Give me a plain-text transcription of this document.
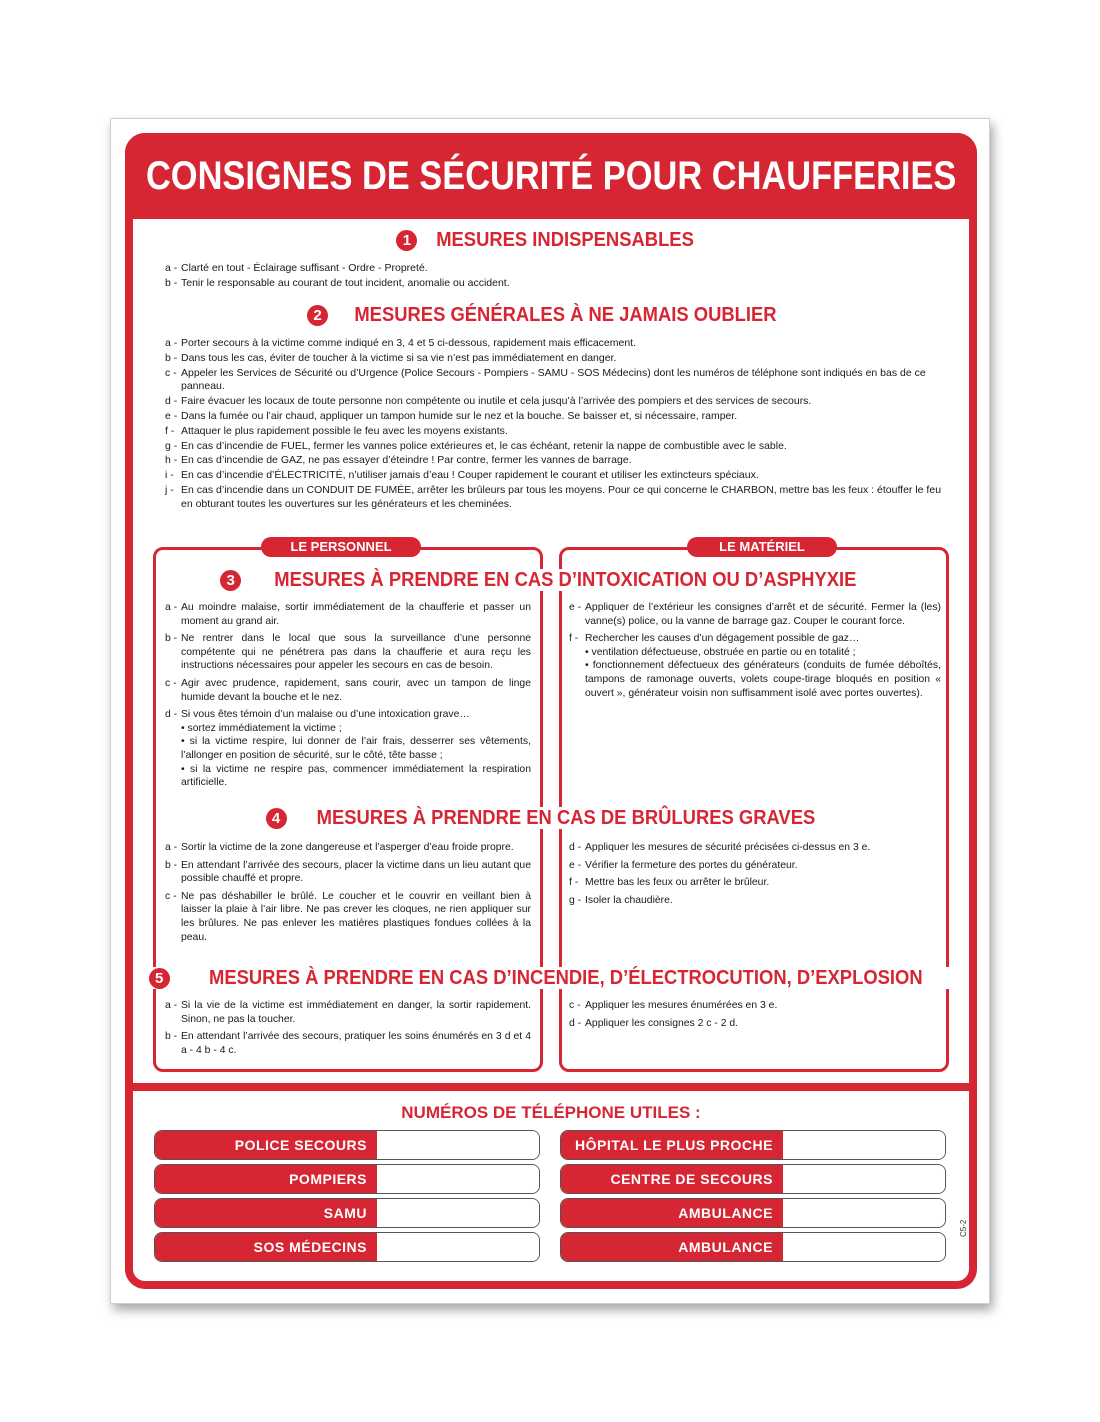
CONSIGNES DE SÉCURITÉ POUR CHAUFFERIES
1 MESURES INDISPENSABLES
a - Clarté en tout - Éclairage suffisant - Ordre - Propreté.
b - Tenir le responsable au courant de tout incident, anomalie ou accident.
2 MESURES GÉNÉRALES À NE JAMAIS OUBLIER
a - Porter secours à la victime comme indiqué en 3, 4 et 5 ci-dessous, rapidement mais efficacement.
b - Dans tous les cas, éviter de toucher à la victime si sa vie n’est pas immédiatement en danger.
c - Appeler les Services de Sécurité ou d’Urgence (Police Secours - Pompiers - SAMU - SOS Médecins) dont les numéros de téléphone sont indiqués en bas de ce panneau.
d - Faire évacuer les locaux de toute personne non compétente ou inutile et cela jusqu’à l’arrivée des pompiers et des services de secours.
e - Dans la fumée ou l’air chaud, appliquer un tampon humide sur le nez et la bouche. Se baisser et, si nécessaire, ramper.
f - Attaquer le plus rapidement possible le feu avec les moyens existants.
g - En cas d’incendie de FUEL, fermer les vannes police extérieures et, le cas échéant, retenir la nappe de combustible avec le sable.
h - En cas d’incendie de GAZ, ne pas essayer d’éteindre ! Par contre, fermer les vannes de barrage.
i - En cas d’incendie d’ÉLECTRICITÉ, n’utiliser jamais d’eau ! Couper rapidement le courant et utiliser les extincteurs spéciaux.
j - En cas d’incendie dans un CONDUIT DE FUMÉE, arrêter les brûleurs par tous les moyens. Pour ce qui concerne le CHARBON, mettre bas les feux : étouffer le feu en obturant toutes les ouvertures sur les générateurs et les cheminées.
LE PERSONNEL	LE MATÉRIEL
3 MESURES À PRENDRE EN CAS D’INTOXICATION OU D’ASPHYXIE
a - Au moindre malaise, sortir immédiatement de la chaufferie et passer un moment au grand air.
b - Ne rentrer dans le local que sous la surveillance d’une personne compétente qui ne pénétrera pas dans la chaufferie et aura reçu les instructions nécessaires pour appeler les secours en cas de besoin.
c - Agir avec prudence, rapidement, sans courir, avec un tampon de linge humide devant la bouche et le nez.
d - Si vous êtes témoin d’un malaise ou d’une intoxication grave…
• sortez immédiatement la victime ;
• si la victime respire, lui donner de l’air frais, desserrer ses vêtements, l’allonger en position de sécurité, sur le côté, tête basse ;
• si la victime ne respire pas, commencer immédiatement la respiration artificielle.
e - Appliquer de l’extérieur les consignes d’arrêt et de sécurité. Fermer la (les) vanne(s) police, ou la vanne de barrage gaz. Couper le courant force.
f - Rechercher les causes d’un dégagement possible de gaz…
• ventilation défectueuse, obstruée en partie ou en totalité ;
• fonctionnement défectueux des générateurs (conduits de fumée déboîtés, tampons de ramonage ouverts, volets coupe-tirage bloqués en position « ouvert », générateur voisin non suffisamment isolé avec portes ouvertes).
4 MESURES À PRENDRE EN CAS DE BRÛLURES GRAVES
a - Sortir la victime de la zone dangereuse et l’asperger d’eau froide propre.
b - En attendant l’arrivée des secours, placer la victime dans un lieu autant que possible chauffé et propre.
c - Ne pas déshabiller le brûlé. Le coucher et le couvrir en veillant bien à laisser la plaie à l’air libre. Ne pas crever les cloques, ne rien appliquer sur les brûlures. Ne pas enlever les matières plastiques fondues collées à la peau.
d - Appliquer les mesures de sécurité précisées ci-dessus en 3 e.
e - Vérifier la fermeture des portes du générateur.
f - Mettre bas les feux ou arrêter le brûleur.
g - Isoler la chaudière.
5 MESURES À PRENDRE EN CAS D’INCENDIE, D’ÉLECTROCUTION, D’EXPLOSION
a - Si la vie de la victime est immédiatement en danger, la sortir rapidement. Sinon, ne pas la toucher.
b - En attendant l’arrivée des secours, pratiquer les soins énumérés en 3 d et 4 a - 4 b - 4 c.
c - Appliquer les mesures énumérées en 3 e.
d - Appliquer les consignes 2 c - 2 d.
NUMÉROS DE TÉLÉPHONE UTILES :
POLICE SECOURS
POMPIERS
SAMU
SOS MÉDECINS
HÔPITAL LE PLUS PROCHE
CENTRE DE SECOURS
AMBULANCE
AMBULANCE
C5-2
